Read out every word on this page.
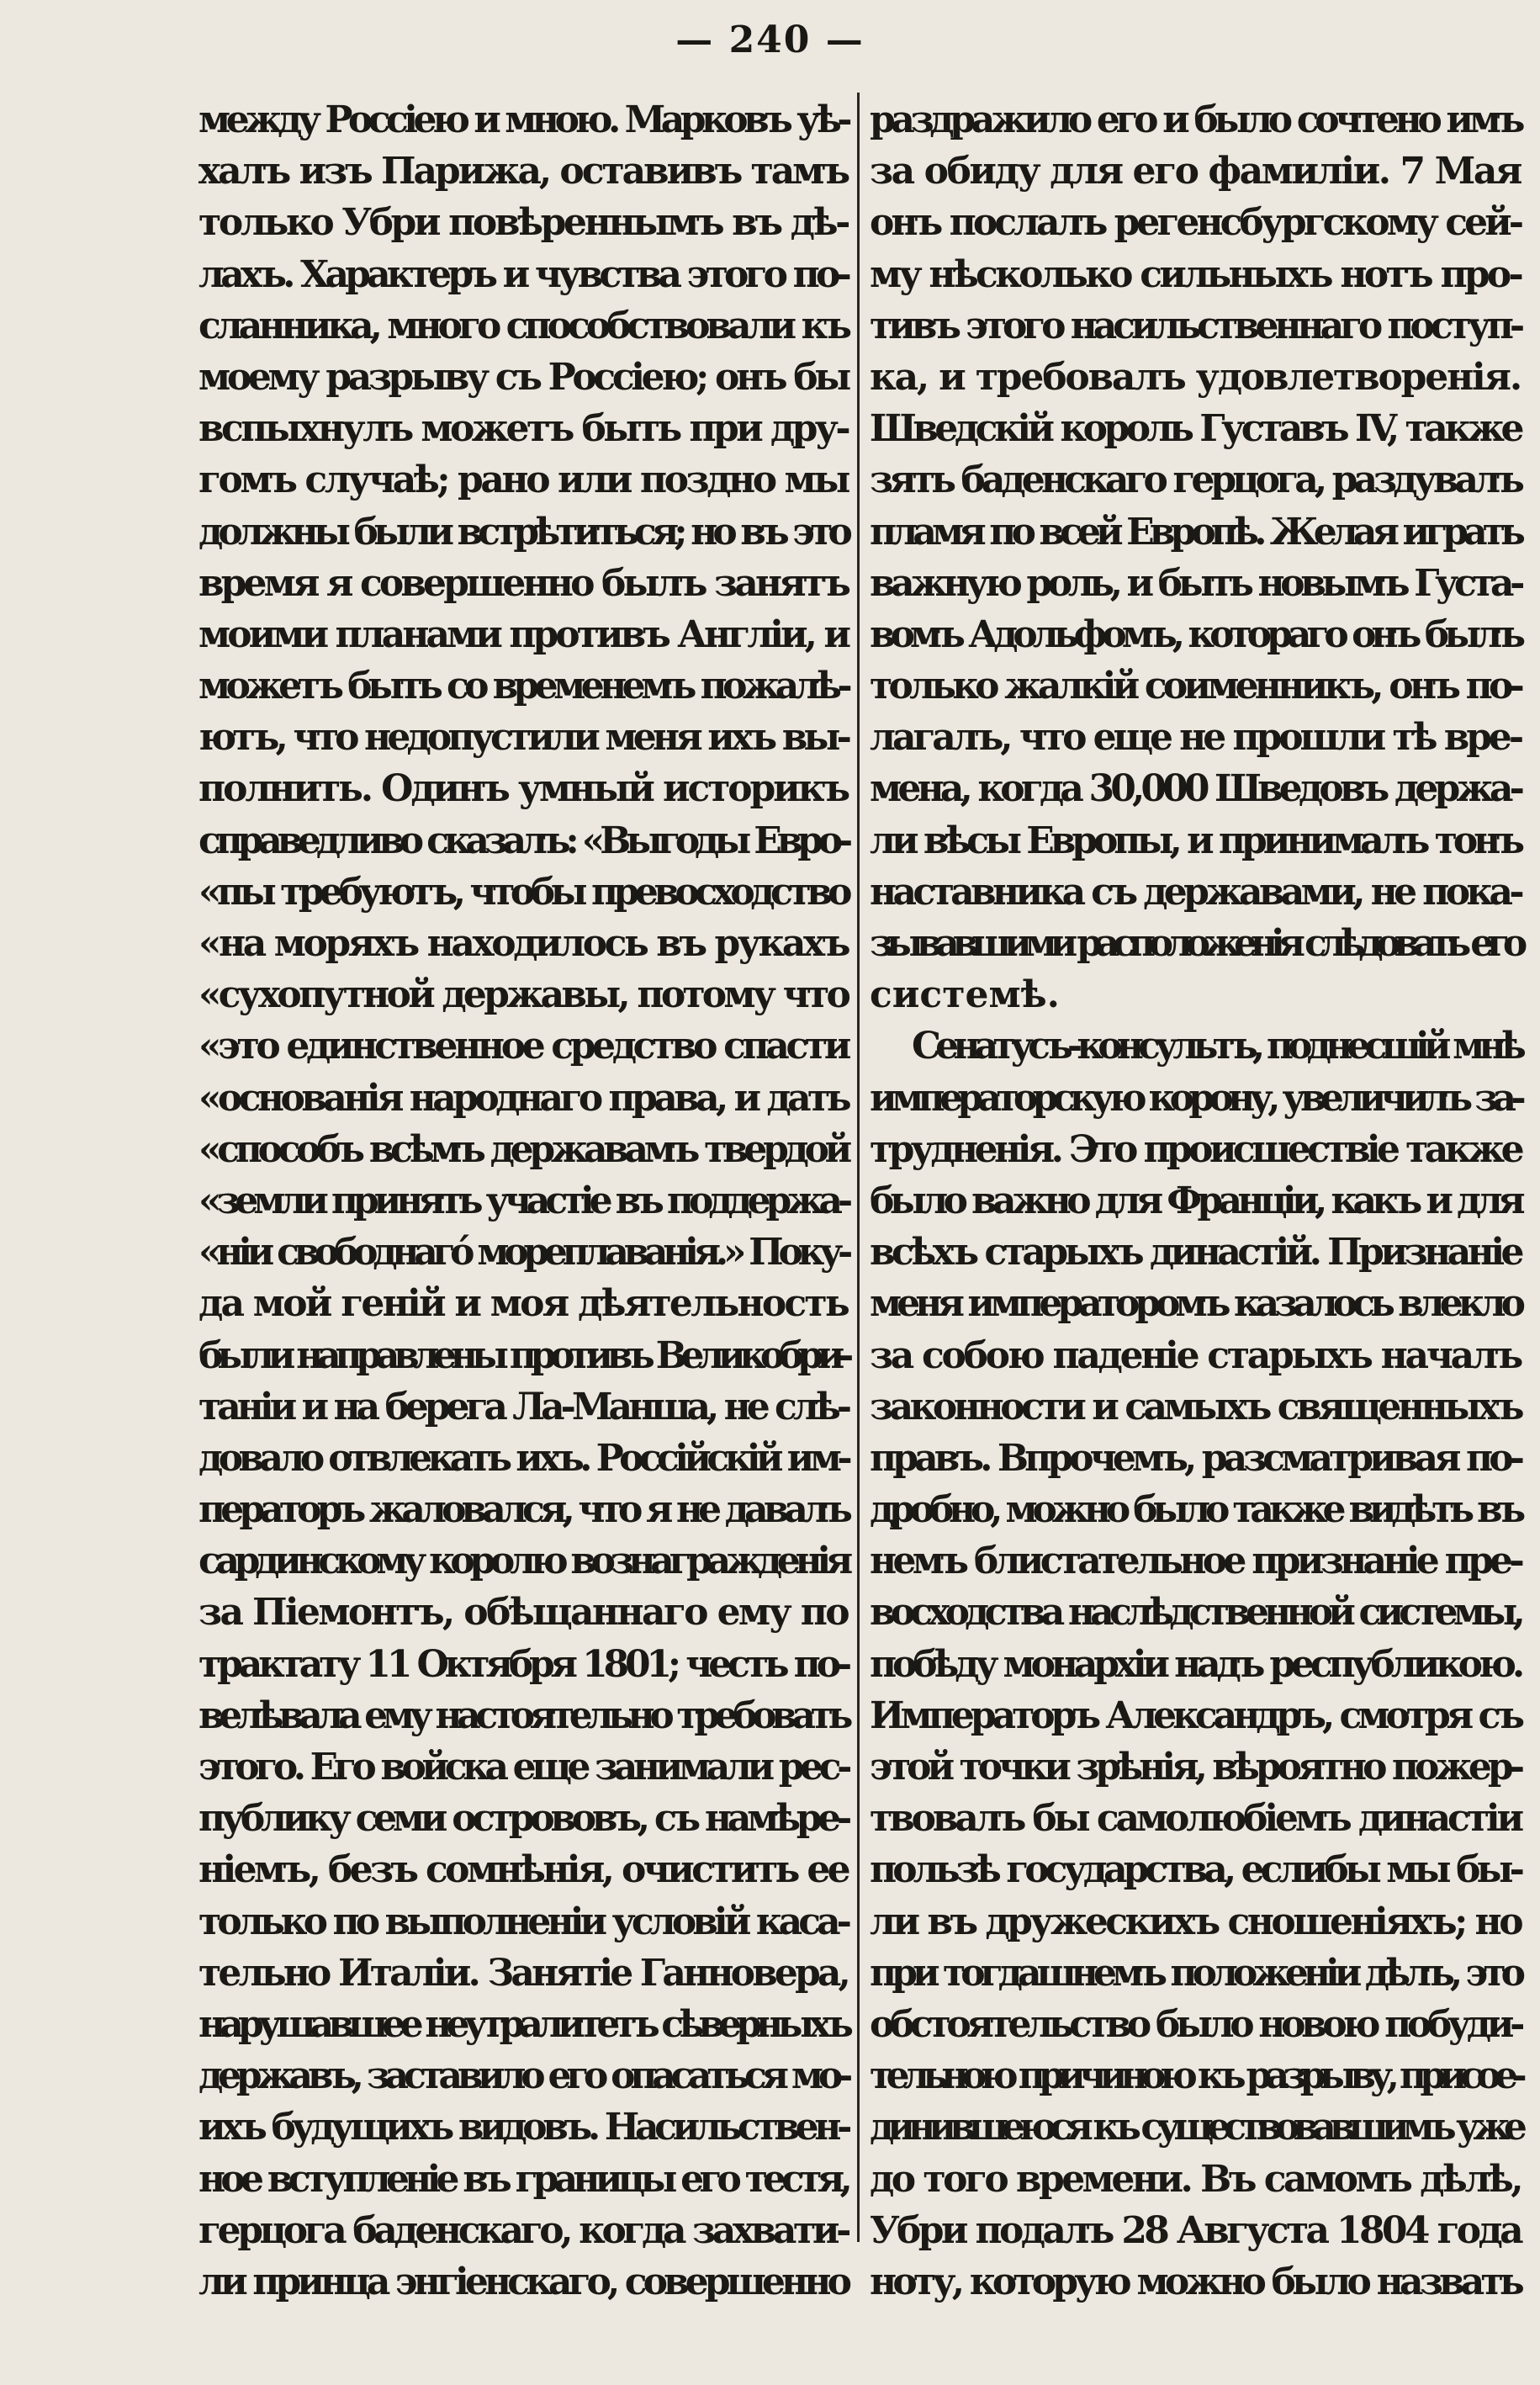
— 240 —
между Россіею и мною. Марковъ уѣ-
халъ изъ Парижа, оставивъ тамъ
только Убри повѣреннымъ въ дѣ-
лахъ. Характеръ и чувства этого по-
сланника, много способствовали къ
моему разрыву съ Россіею; онъ бы
вспыхнулъ можетъ быть при дру-
гомъ случаѣ; рано или поздно мы
должны были встрѣтиться; но въ это
время я совершенно былъ занятъ
моими планами противъ Англіи, и
можетъ быть со временемъ пожалѣ-
ютъ, что недопустили меня ихъ вы-
полнить. Одинъ умный историкъ
справедливо сказалъ: «Выгоды Евро-
«пы требуютъ, чтобы превосходство
«на моряхъ находилось въ рукахъ
«сухопутной державы, потому что
«это единственное средство спасти
«основанія народнаго права, и дать
«способъ всѣмъ державамъ твердой
«земли принять участіе въ поддержа-
«ніи свободнагó мореплаванія.» Поку-
да мой геній и моя дѣятельность
были направлены противъ Великобри-
таніи и на берега Ла-Манша, не слѣ-
довало отвлекать ихъ. Россійскій им-
ператоръ жаловался, что я не давалъ
сардинскому королю вознагражденія
за Піемонтъ, обѣщаннаго ему по
трактату 11 Октября 1801; честь по-
велѣвала ему настоятельно требовать
этого. Его войска еще занимали рес-
публику семи острововъ, съ намѣре-
ніемъ, безъ сомнѣнія, очистить ее
только по выполненіи условій каса-
тельно Италіи. Занятіе Ганновера,
нарушавшее неутралитетъ сѣверныхъ
державъ, заставило его опасаться мо-
ихъ будущихъ видовъ. Насильствен-
ное вступленіе въ границы его тестя,
герцога баденскаго, когда захвати-
ли принца энгіенскаго, совершенно
раздражило его и было сочтено имъ
за обиду для его фамиліи. 7 Мая
онъ послалъ регенсбургскому сей-
му нѣсколько сильныхъ нотъ про-
тивъ этого насильственнаго поступ-
ка, и требовалъ удовлетворенія.
Шведскій король Густавъ IV, также
зять баденскаго герцога, раздувалъ
пламя по всей Европѣ. Желая играть
важную роль, и быть новымъ Густа-
вомъ Адольфомъ, котораго онъ былъ
только жалкій соименникъ, онъ по-
лагалъ, что еще не прошли тѣ вре-
мена, когда 30,000 Шведовъ держа-
ли вѣсы Европы, и принималъ тонъ
наставника съ державами, не пока-
зывавшими расположенія слѣдовать его
системѣ.
Сенатусъ-консультъ, поднесшій мнѣ
императорскую корону, увеличилъ за-
трудненія. Это происшествіе также
было важно для Франціи, какъ и для
всѣхъ старыхъ династій. Признаніе
меня императоромъ казалось влекло
за собою паденіе старыхъ началъ
законности и самыхъ священныхъ
правъ. Впрочемъ, разсматривая по-
дробно, можно было также видѣть въ
немъ блистательное признаніе пре-
восходства наслѣдственной системы,
побѣду монархіи надъ республикою.
Императоръ Александръ, смотря съ
этой точки зрѣнія, вѣроятно пожер-
твовалъ бы самолюбіемъ династіи
пользѣ государства, еслибы мы бы-
ли въ дружескихъ сношеніяхъ; но
при тогдашнемъ положеніи дѣлъ, это
обстоятельство было новою побуди-
тельною причиною къ разрыву, присое-
динившеюся къ существовавшимъ уже
до того времени. Въ самомъ дѣлѣ,
Убри подалъ 28 Августа 1804 года
ноту, которую можно было назвать
